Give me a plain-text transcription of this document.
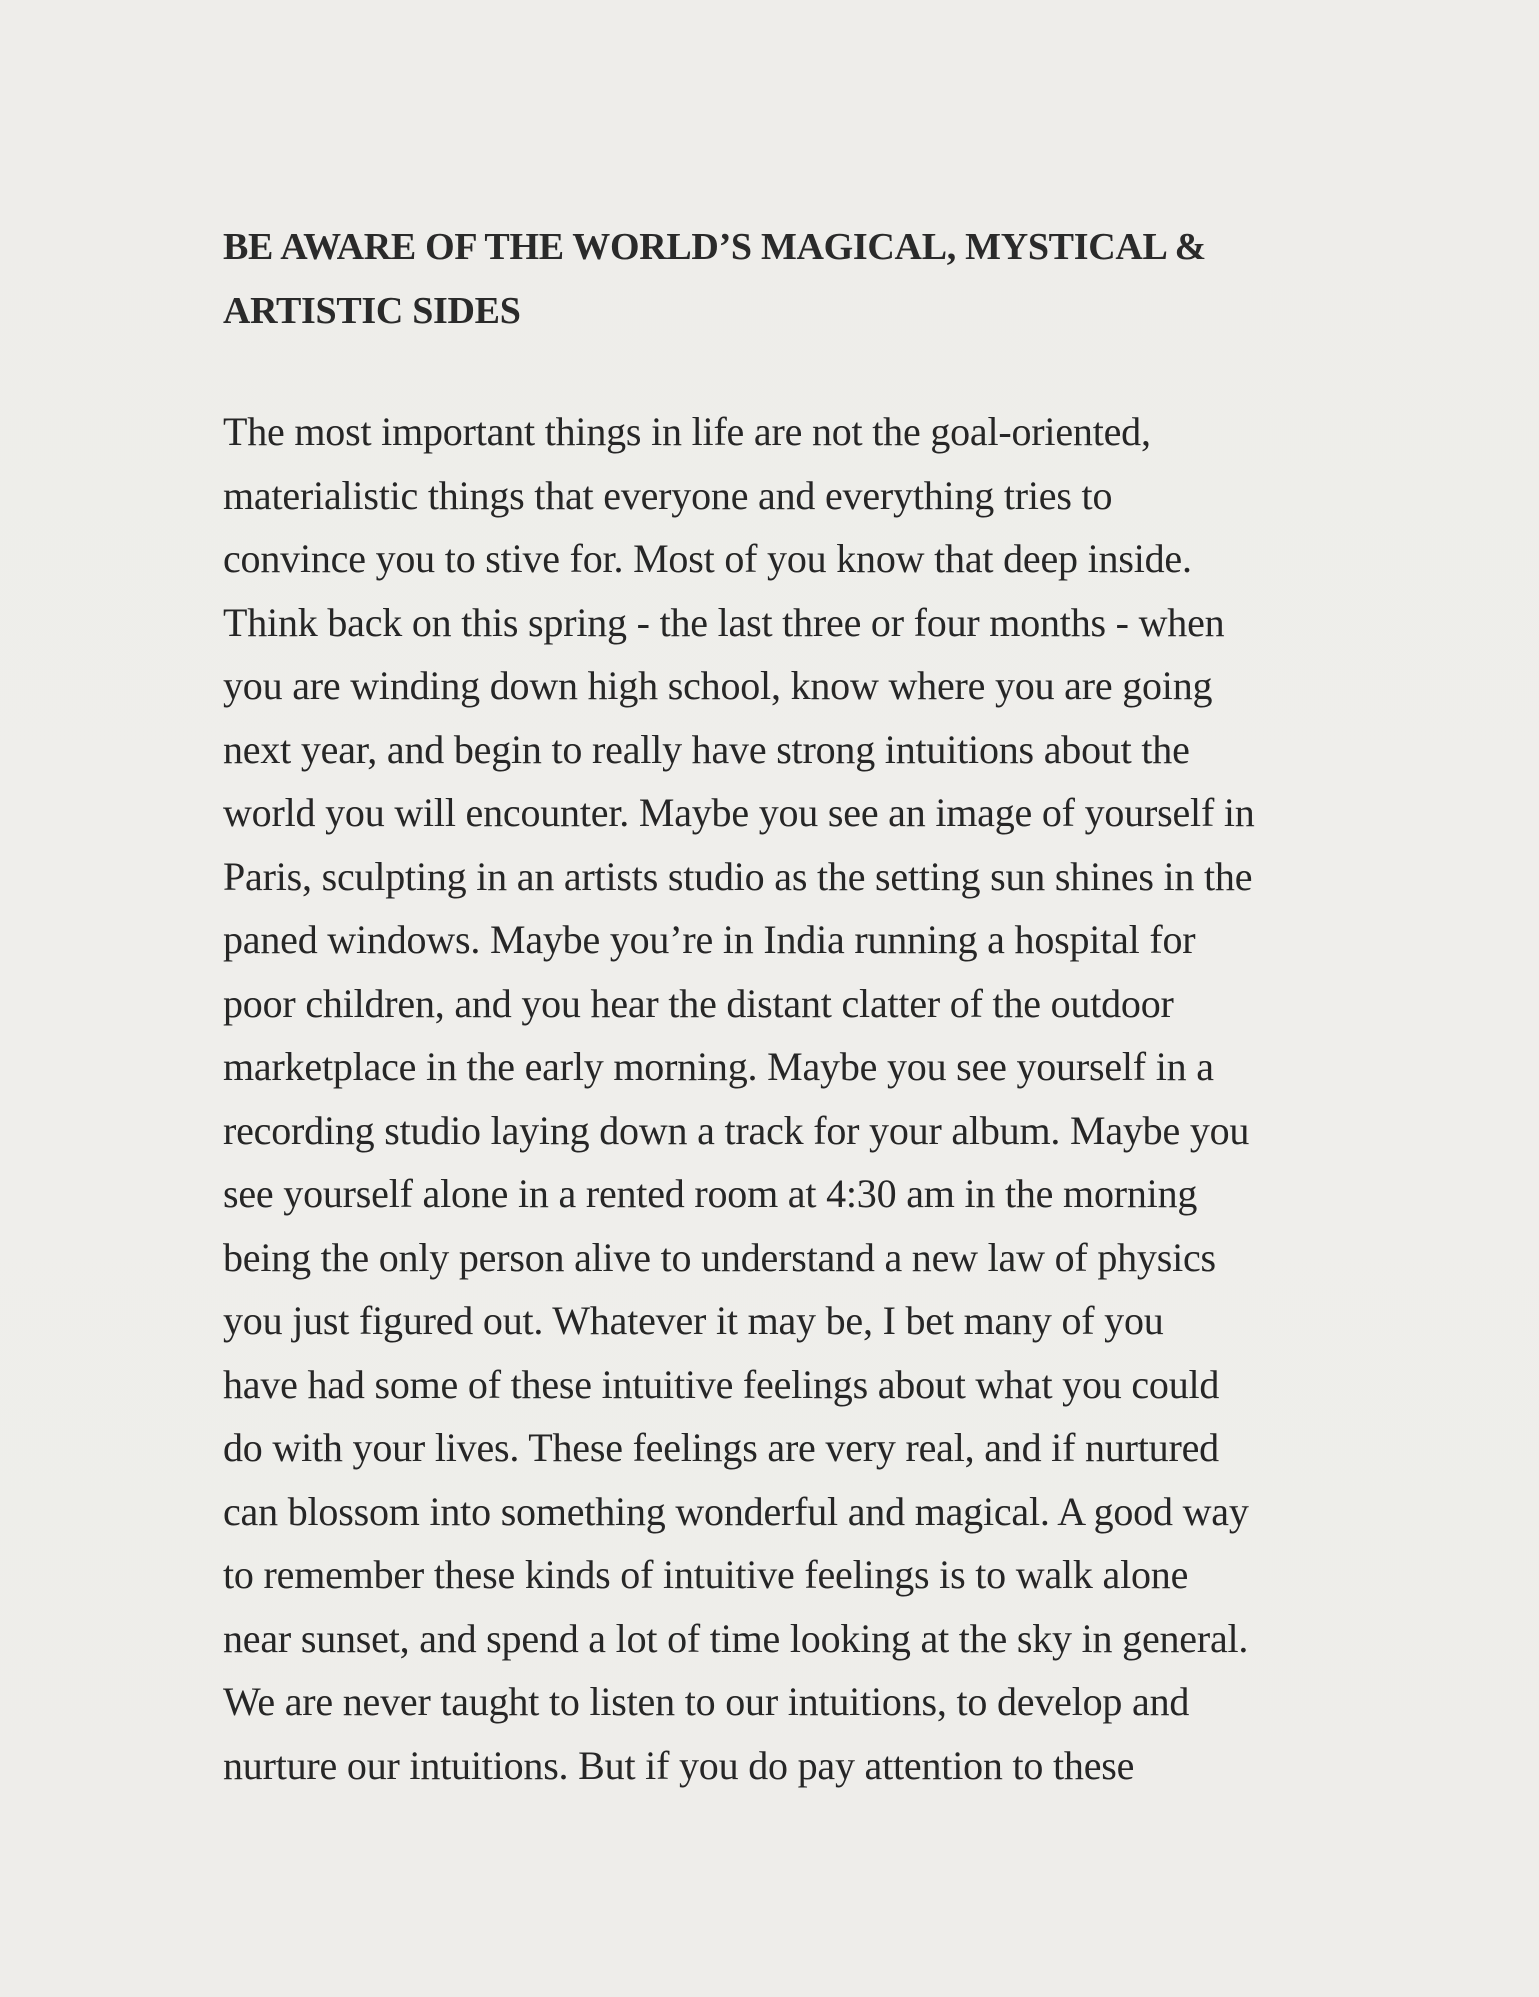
BE AWARE OF THE WORLD’S MAGICAL, MYSTICAL &
ARTISTIC SIDES
The most important things in life are not the goal-oriented,
materialistic things that everyone and everything tries to
convince you to stive for. Most of you know that deep inside.
Think back on this spring - the last three or four months - when
you are winding down high school, know where you are going
next year, and begin to really have strong intuitions about the
world you will encounter. Maybe you see an image of yourself in
Paris, sculpting in an artists studio as the setting sun shines in the
paned windows. Maybe you’re in India running a hospital for
poor children, and you hear the distant clatter of the outdoor
marketplace in the early morning. Maybe you see yourself in a
recording studio laying down a track for your album. Maybe you
see yourself alone in a rented room at 4:30 am in the morning
being the only person alive to understand a new law of physics
you just figured out. Whatever it may be, I bet many of you
have had some of these intuitive feelings about what you could
do with your lives. These feelings are very real, and if nurtured
can blossom into something wonderful and magical. A good way
to remember these kinds of intuitive feelings is to walk alone
near sunset, and spend a lot of time looking at the sky in general.
We are never taught to listen to our intuitions, to develop and
nurture our intuitions. But if you do pay attention to these
